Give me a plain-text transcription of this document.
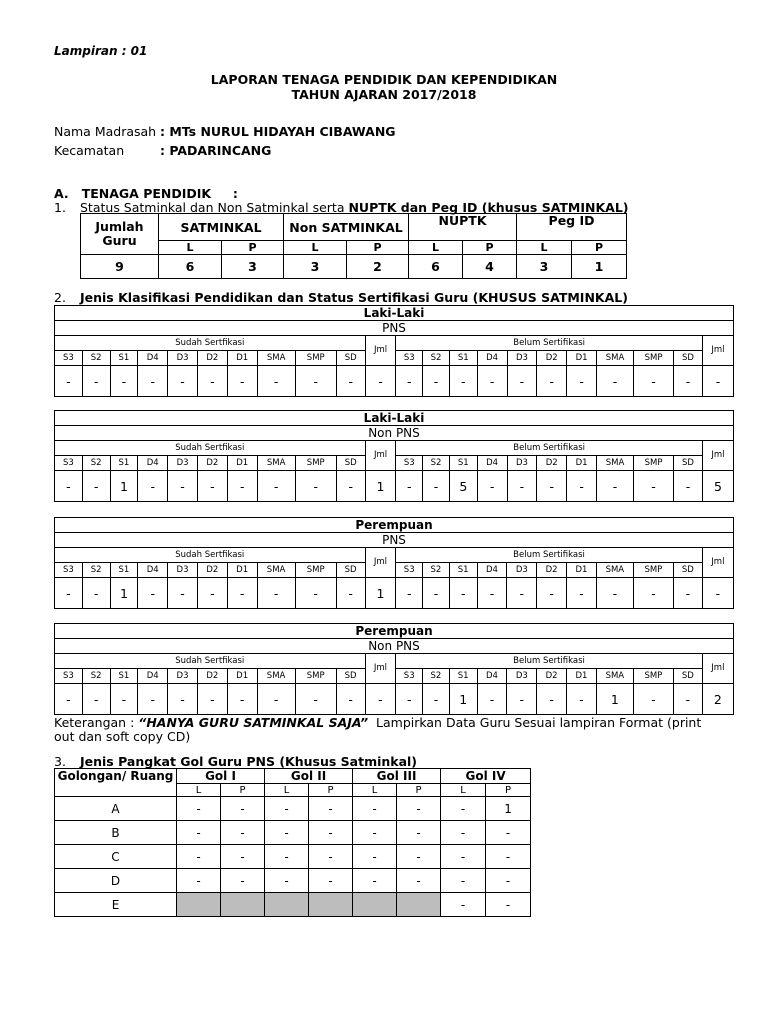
Lampiran : 01
LAPORAN TENAGA PENDIDIK DAN KEPENDIDIKAN
TAHUN AJARAN 2017/2018
Nama Madrasah : MTs NURUL HIDAYAH CIBAWANG
Kecamatan	: PADARINCANG
A.   TENAGA PENDIDIK     :
1. Status Satminkal dan Non Satminkal serta NUPTK dan Peg ID (khusus SATMINKAL)
Jumlah Guru	SATMINKAL		Non SATMINKAL		NUPTK		Peg ID	
	L	P	L	P	L	P	L	P
9	6	3	3	2	6	4	3	1
2. Jenis Klasifikasi Pendidikan dan Status Sertifikasi Guru (KHUSUS SATMINKAL)
Laki-Laki																					
PNS																					
Sudah Sertfikasi										Jml	Belum Sertifikasi										Jml
S3	S2	S1	D4	D3	D2	D1	SMA	SMP	SD		S3	S2	S1	D4	D3	D2	D1	SMA	SMP	SD	
-	-	-	-	-	-	-	-	-	-	-	-	-	-	-	-	-	-	-	-	-	-
Laki-Laki																					
Non PNS																					
Sudah Sertfikasi										Jml	Belum Sertifikasi										Jml
S3	S2	S1	D4	D3	D2	D1	SMA	SMP	SD		S3	S2	S1	D4	D3	D2	D1	SMA	SMP	SD	
-	-	1	-	-	-	-	-	-	-	1	-	-	5	-	-	-	-	-	-	-	5
Perempuan																					
PNS																					
Sudah Sertfikasi										Jml	Belum Sertifikasi										Jml
S3	S2	S1	D4	D3	D2	D1	SMA	SMP	SD		S3	S2	S1	D4	D3	D2	D1	SMA	SMP	SD	
-	-	1	-	-	-	-	-	-	-	1	-	-	-	-	-	-	-	-	-	-	-
Perempuan																					
Non PNS																					
Sudah Sertfikasi										Jml	Belum Sertifikasi										Jml
S3	S2	S1	D4	D3	D2	D1	SMA	SMP	SD		S3	S2	S1	D4	D3	D2	D1	SMA	SMP	SD	
-	-	-	-	-	-	-	-	-	-	-	-	-	1	-	-	-	-	1	-	-	2
Keterangan : “HANYA GURU SATMINKAL SAJA”  Lampirkan Data Guru Sesuai lampiran Format (print
out dan soft copy CD)
3. Jenis Pangkat Gol Guru PNS (Khusus Satminkal)
Golongan/ Ruang	Gol I		Gol II		Gol III		Gol IV	
	L	P	L	P	L	P	L	P
A	-	-	-	-	-	-	-	1
B	-	-	-	-	-	-	-	-
C	-	-	-	-	-	-	-	-
D	-	-	-	-	-	-	-	-
E							-	-
